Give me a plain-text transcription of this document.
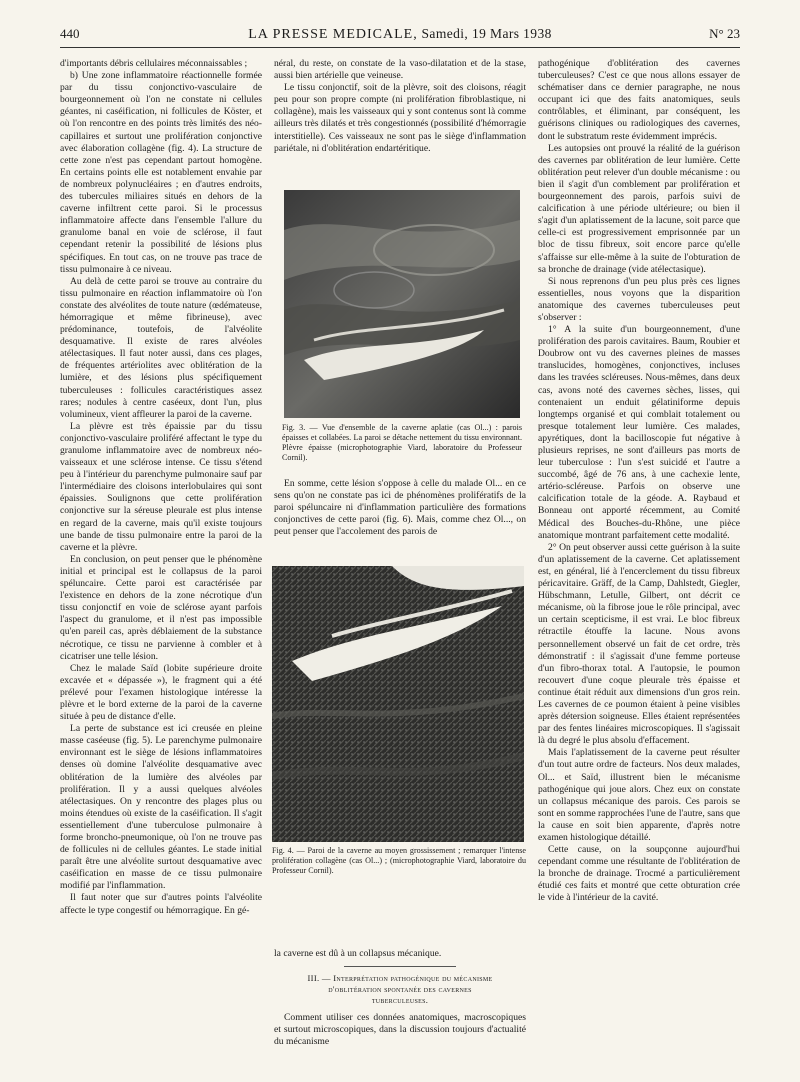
440	LA PRESSE MEDICALE, Samedi, 19 Mars 1938	N° 23

d'importants débris cellulaires méconnaissables ;

b) Une zone inflammatoire réactionnelle formée par du tissu conjonctivo-vasculaire de bourgeonnement où l'on ne constate ni cellules géantes, ni caséification, ni follicules de Köster, et où l'on rencontre en des points très limités des néo-capillaires et surtout une prolifération conjonctive avec élaboration collagène (fig. 4). La structure de cette zone n'est pas cependant partout homogène. En certains points elle est notablement envahie par de nombreux polynucléaires ; en d'autres endroits, des tubercules miliaires situés en dehors de la caverne infiltrent cette paroi. Si le processus inflammatoire affecte dans l'ensemble l'allure du granulome banal en voie de sclérose, il faut cependant retenir la possibilité de lésions plus spécifiques. En tout cas, on ne trouve pas trace de tissu pulmonaire à ce niveau.

Au delà de cette paroi se trouve au contraire du tissu pulmonaire en réaction inflammatoire où l'on constate des alvéolites de toute nature (œdémateuse, hémorragique et même fibrineuse), avec prédominance, toutefois, de l'alvéolite desquamative. Il existe de rares alvéoles atélectasiques. Il faut noter aussi, dans ces plages, de fréquentes artériolites avec oblitération de la lumière, et des lésions plus spécifiquement tuberculeuses : follicules caractéristiques assez rares; nodules à centre caséeux, dont l'un, plus volumineux, vient affleurer la paroi de la caverne.

La plèvre est très épaissie par du tissu conjonctivo-vasculaire proliféré affectant le type du granulome inflammatoire avec de nombreux néo-vaisseaux et une sclérose intense. Ce tissu s'étend peu à l'intérieur du parenchyme pulmonaire sauf par l'intermédiaire des cloisons interlobulaires qui sont épaissies. Soulignons que cette prolifération conjonctive sur la séreuse pleurale est plus intense en regard de la caverne, mais qu'il existe toujours une bande de tissu pulmonaire entre la paroi de la caverne et la plèvre.

En conclusion, on peut penser que le phénomène initial et principal est le collapsus de la paroi spéluncaire. Cette paroi est caractérisée par l'existence en dehors de la zone nécrotique d'un tissu conjonctif en voie de sclérose ayant parfois l'aspect du granulome, et il n'est pas impossible qu'en pareil cas, après déblaiement de la substance nécrotique, ce tissu ne parvienne à combler et à cicatriser une telle lésion.

Chez le malade Saïd (lobite supérieure droite excavée et « dépassée »), le fragment qui a été prélevé pour l'examen histologique intéresse la plèvre et le bord externe de la paroi de la caverne située à peu de distance d'elle.

La perte de substance est ici creusée en pleine masse caséeuse (fig. 5). Le parenchyme pulmonaire environnant est le siège de lésions inflammatoires denses où domine l'alvéolite desquamative avec oblitération de la lumière des alvéoles par prolifération. Il y a aussi quelques alvéoles atélectasiques. On y rencontre des plages plus ou moins étendues où existe de la caséification. Il s'agit essentiellement d'une tuberculose pulmonaire à forme broncho-pneumonique, où l'on ne trouve pas de follicules ni de cellules géantes. Le stade initial paraît être une alvéolite surtout desquamative avec caséification en masse de ce tissu pulmonaire modifié par l'inflammation.

Il faut noter que sur d'autres points l'alvéolite affecte le type congestif ou hémorragique. En gé-

néral, du reste, on constate de la vaso-dilatation et de la stase, aussi bien artérielle que veineuse.

Le tissu conjonctif, soit de la plèvre, soit des cloisons, réagit peu pour son propre compte (ni prolifération fibroblastique, ni collagène), mais les vaisseaux qui y sont contenus sont là comme ailleurs très dilatés et très congestionnés (possibilité d'hémorragie interstitielle). Ces vaisseaux ne sont pas le siège d'inflammation pariétale, ni d'oblitération endartéritique.

Fig. 3. — Vue d'ensemble de la caverne aplatie (cas Ol...) : parois épaisses et collabées. La paroi se détache nettement du tissu environnant. Plèvre épaisse (microphotographie Viard, laboratoire du Professeur Cornil).

En somme, cette lésion s'oppose à celle du malade Ol... en ce sens qu'on ne constate pas ici de phénomènes prolifératifs de la paroi spéluncaire ni d'inflammation particulière des formations conjonctives de cette paroi (fig. 6). Mais, comme chez Ol..., on peut penser que l'accolement des parois de

Fig. 4. — Paroi de la caverne au moyen grossissement ; remarquer l'intense prolifération collagène (cas Ol...) ; (microphotographie Viard, laboratoire du Professeur Cornil).

la caverne est dû à un collapsus mécanique.

III. — Interprétation pathogénique du mécanisme
d'oblitération spontanée des cavernes
tuberculeuses.

Comment utiliser ces données anatomiques, macroscopiques et surtout microscopiques, dans la discussion toujours d'actualité du mécanisme

pathogénique d'oblitération des cavernes tuberculeuses? C'est ce que nous allons essayer de schématiser dans ce dernier paragraphe, ne nous occupant ici que des faits anatomiques, seuls contrôlables, et éliminant, par conséquent, les guérisons cliniques ou radiologiques des cavernes, dont le substratum reste évidemment imprécis.

Les autopsies ont prouvé la réalité de la guérison des cavernes par oblitération de leur lumière. Cette oblitération peut relever d'un double mécanisme : ou bien il s'agit d'un comblement par prolifération et bourgeonnement des parois, parfois suivi de calcification à une période ultérieure; ou bien il s'agit d'un aplatissement de la lacune, soit parce que celle-ci est progressivement emprisonnée par un bloc de tissu fibreux, soit encore parce qu'elle s'affaisse sur elle-même à la suite de l'obturation de sa bronche de drainage (vide atélectasique).

Si nous reprenons d'un peu plus près ces lignes essentielles, nous voyons que la disparition anatomique des cavernes tuberculeuses peut s'observer :

1° A la suite d'un bourgeonnement, d'une prolifération des parois cavitaires. Baum, Roubier et Doubrow ont vu des cavernes pleines de masses translucides, homogènes, conjonctives, incluses dans les travées scléreuses. Nous-mêmes, dans deux cas, avons noté des cavernes sèches, lisses, qui contenaient un enduit gélatiniforme depuis longtemps organisé et qui comblait totalement ou presque totalement leur lumière. Ces malades, apyrétiques, dont la bacilloscopie fut négative à plusieurs reprises, ne sont d'ailleurs pas morts de leur tuberculose : l'un s'est suicidé et l'autre a succombé, âgé de 76 ans, à une cachexie lente, artério-scléreuse. Parfois on observe une calcification totale de la géode. A. Raybaud et Bonneau ont apporté récemment, au Comité Médical des Bouches-du-Rhône, une pièce anatomique montrant parfaitement cette modalité.

2° On peut observer aussi cette guérison à la suite d'un aplatissement de la caverne. Cet aplatissement est, en général, lié à l'encerclement du tissu fibreux péricavitaire. Gräff, de la Camp, Dahlstedt, Giegler, Hübschmann, Letulle, Gilbert, ont décrit ce mécanisme, où la fibrose joue le rôle principal, avec un certain scepticisme, il est vrai. Le bloc fibreux rétractile étouffe la lacune. Nous avons personnellement observé un fait de cet ordre, très démonstratif : il s'agissait d'une femme porteuse d'un fibro-thorax total. A l'autopsie, le poumon recouvert d'une coque pleurale très épaisse et continue était réduit aux dimensions d'un gros rein. Les cavernes de ce poumon étaient à peine visibles après détersion soigneuse. Elles étaient représentées par des fentes linéaires microscopiques. Il s'agissait là du degré le plus absolu d'effacement.

Mais l'aplatissement de la caverne peut résulter d'un tout autre ordre de facteurs. Nos deux malades, Ol... et Saïd, illustrent bien le mécanisme pathogénique qui joue alors. Chez eux on constate un collapsus mécanique des parois. Ces parois se sont en somme rapprochées l'une de l'autre, sans que la cause en soit bien apparente, d'après notre examen histologique détaillé.

Cette cause, on la soupçonne aujourd'hui cependant comme une résultante de l'oblitération de la bronche de drainage. Trocmé a particulièrement étudié ces faits et montré que cette obturation crée le vide à l'intérieur de la cavité.
